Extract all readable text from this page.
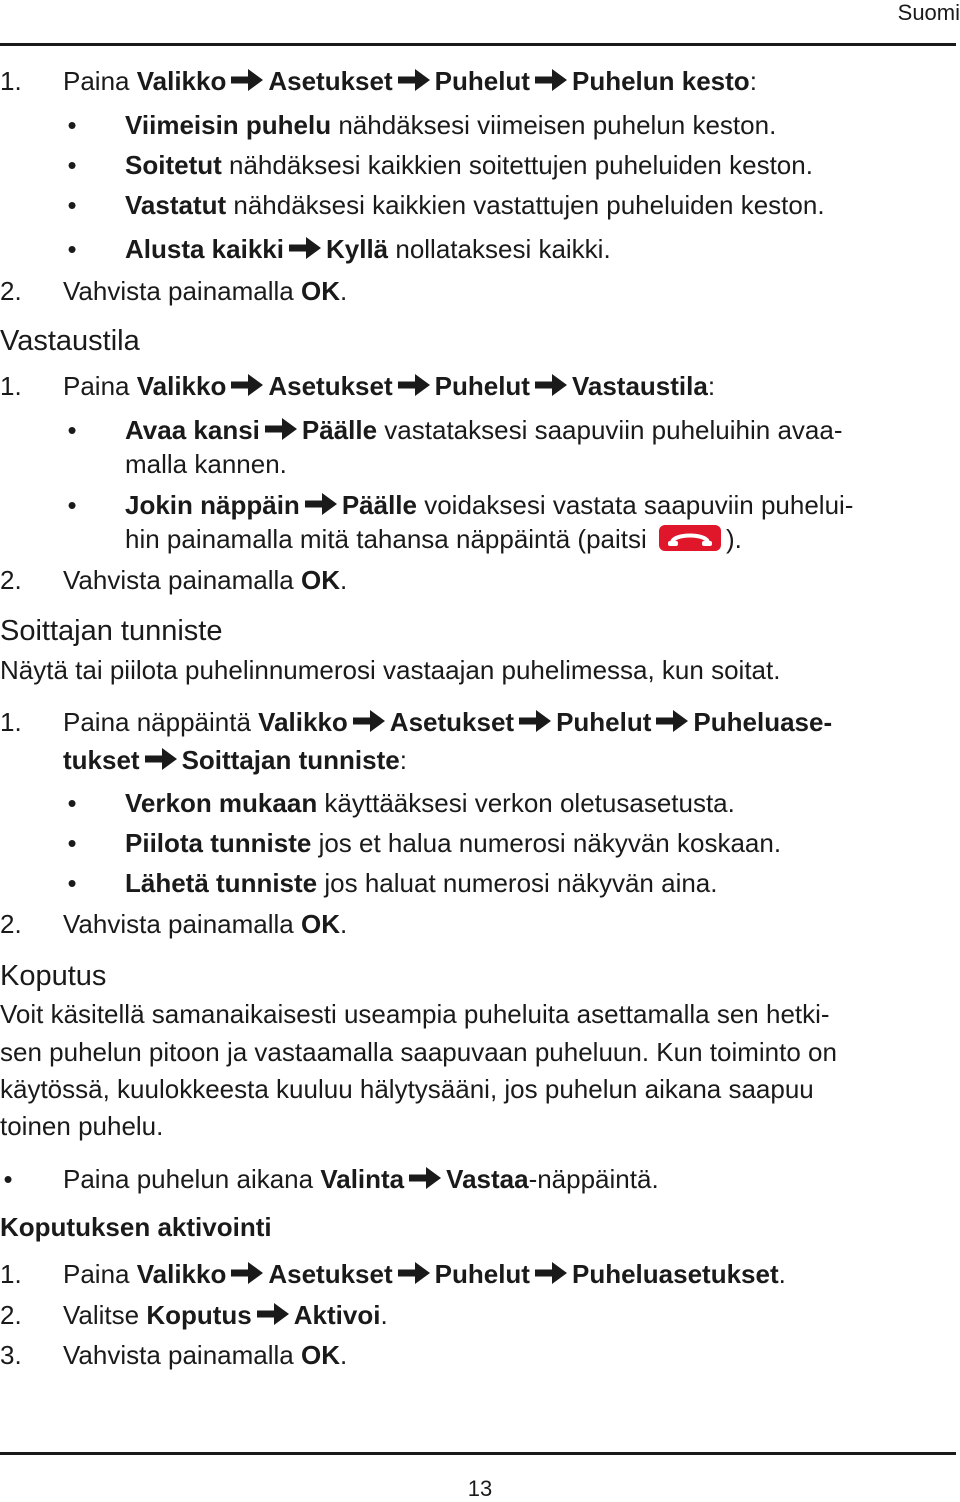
Suomi
1. Paina Valikko Asetukset Puhelut Puhelun kesto:
• Viimeisin puhelu nähdäksesi viimeisen puhelun keston.
• Soitetut nähdäksesi kaikkien soitettujen puheluiden keston.
• Vastatut nähdäksesi kaikkien vastattujen puheluiden keston.
• Alusta kaikki Kyllä nollataksesi kaikki.
2. Vahvista painamalla OK.
Vastaustila
1. Paina Valikko Asetukset Puhelut Vastaustila:
• Avaa kansi Päälle vastataksesi saapuviin puheluihin avaa-
malla kannen.
• Jokin näppäin Päälle voidaksesi vastata saapuviin puhelui-
hin painamalla mitä tahansa näppäintä (paitsi	).
2. Vahvista painamalla OK.
Soittajan tunniste
Näytä tai piilota puhelinnumerosi vastaajan puhelimessa, kun soitat.
1. Paina näppäintä Valikko Asetukset Puhelut Puheluase-
tukset Soittajan tunniste:
• Verkon mukaan käyttääksesi verkon oletusasetusta.
• Piilota tunniste jos et halua numerosi näkyvän koskaan.
• Lähetä tunniste jos haluat numerosi näkyvän aina.
2. Vahvista painamalla OK.
Koputus
Voit käsitellä samanaikaisesti useampia puheluita asettamalla sen hetki-
sen puhelun pitoon ja vastaamalla saapuvaan puheluun. Kun toiminto on
käytössä, kuulokkeesta kuuluu hälytysääni, jos puhelun aikana saapuu
toinen puhelu.
• Paina puhelun aikana Valinta Vastaa-näppäintä.
Koputuksen aktivointi
1. Paina Valikko Asetukset Puhelut Puheluasetukset.
2. Valitse Koputus Aktivoi.
3. Vahvista painamalla OK.
13
